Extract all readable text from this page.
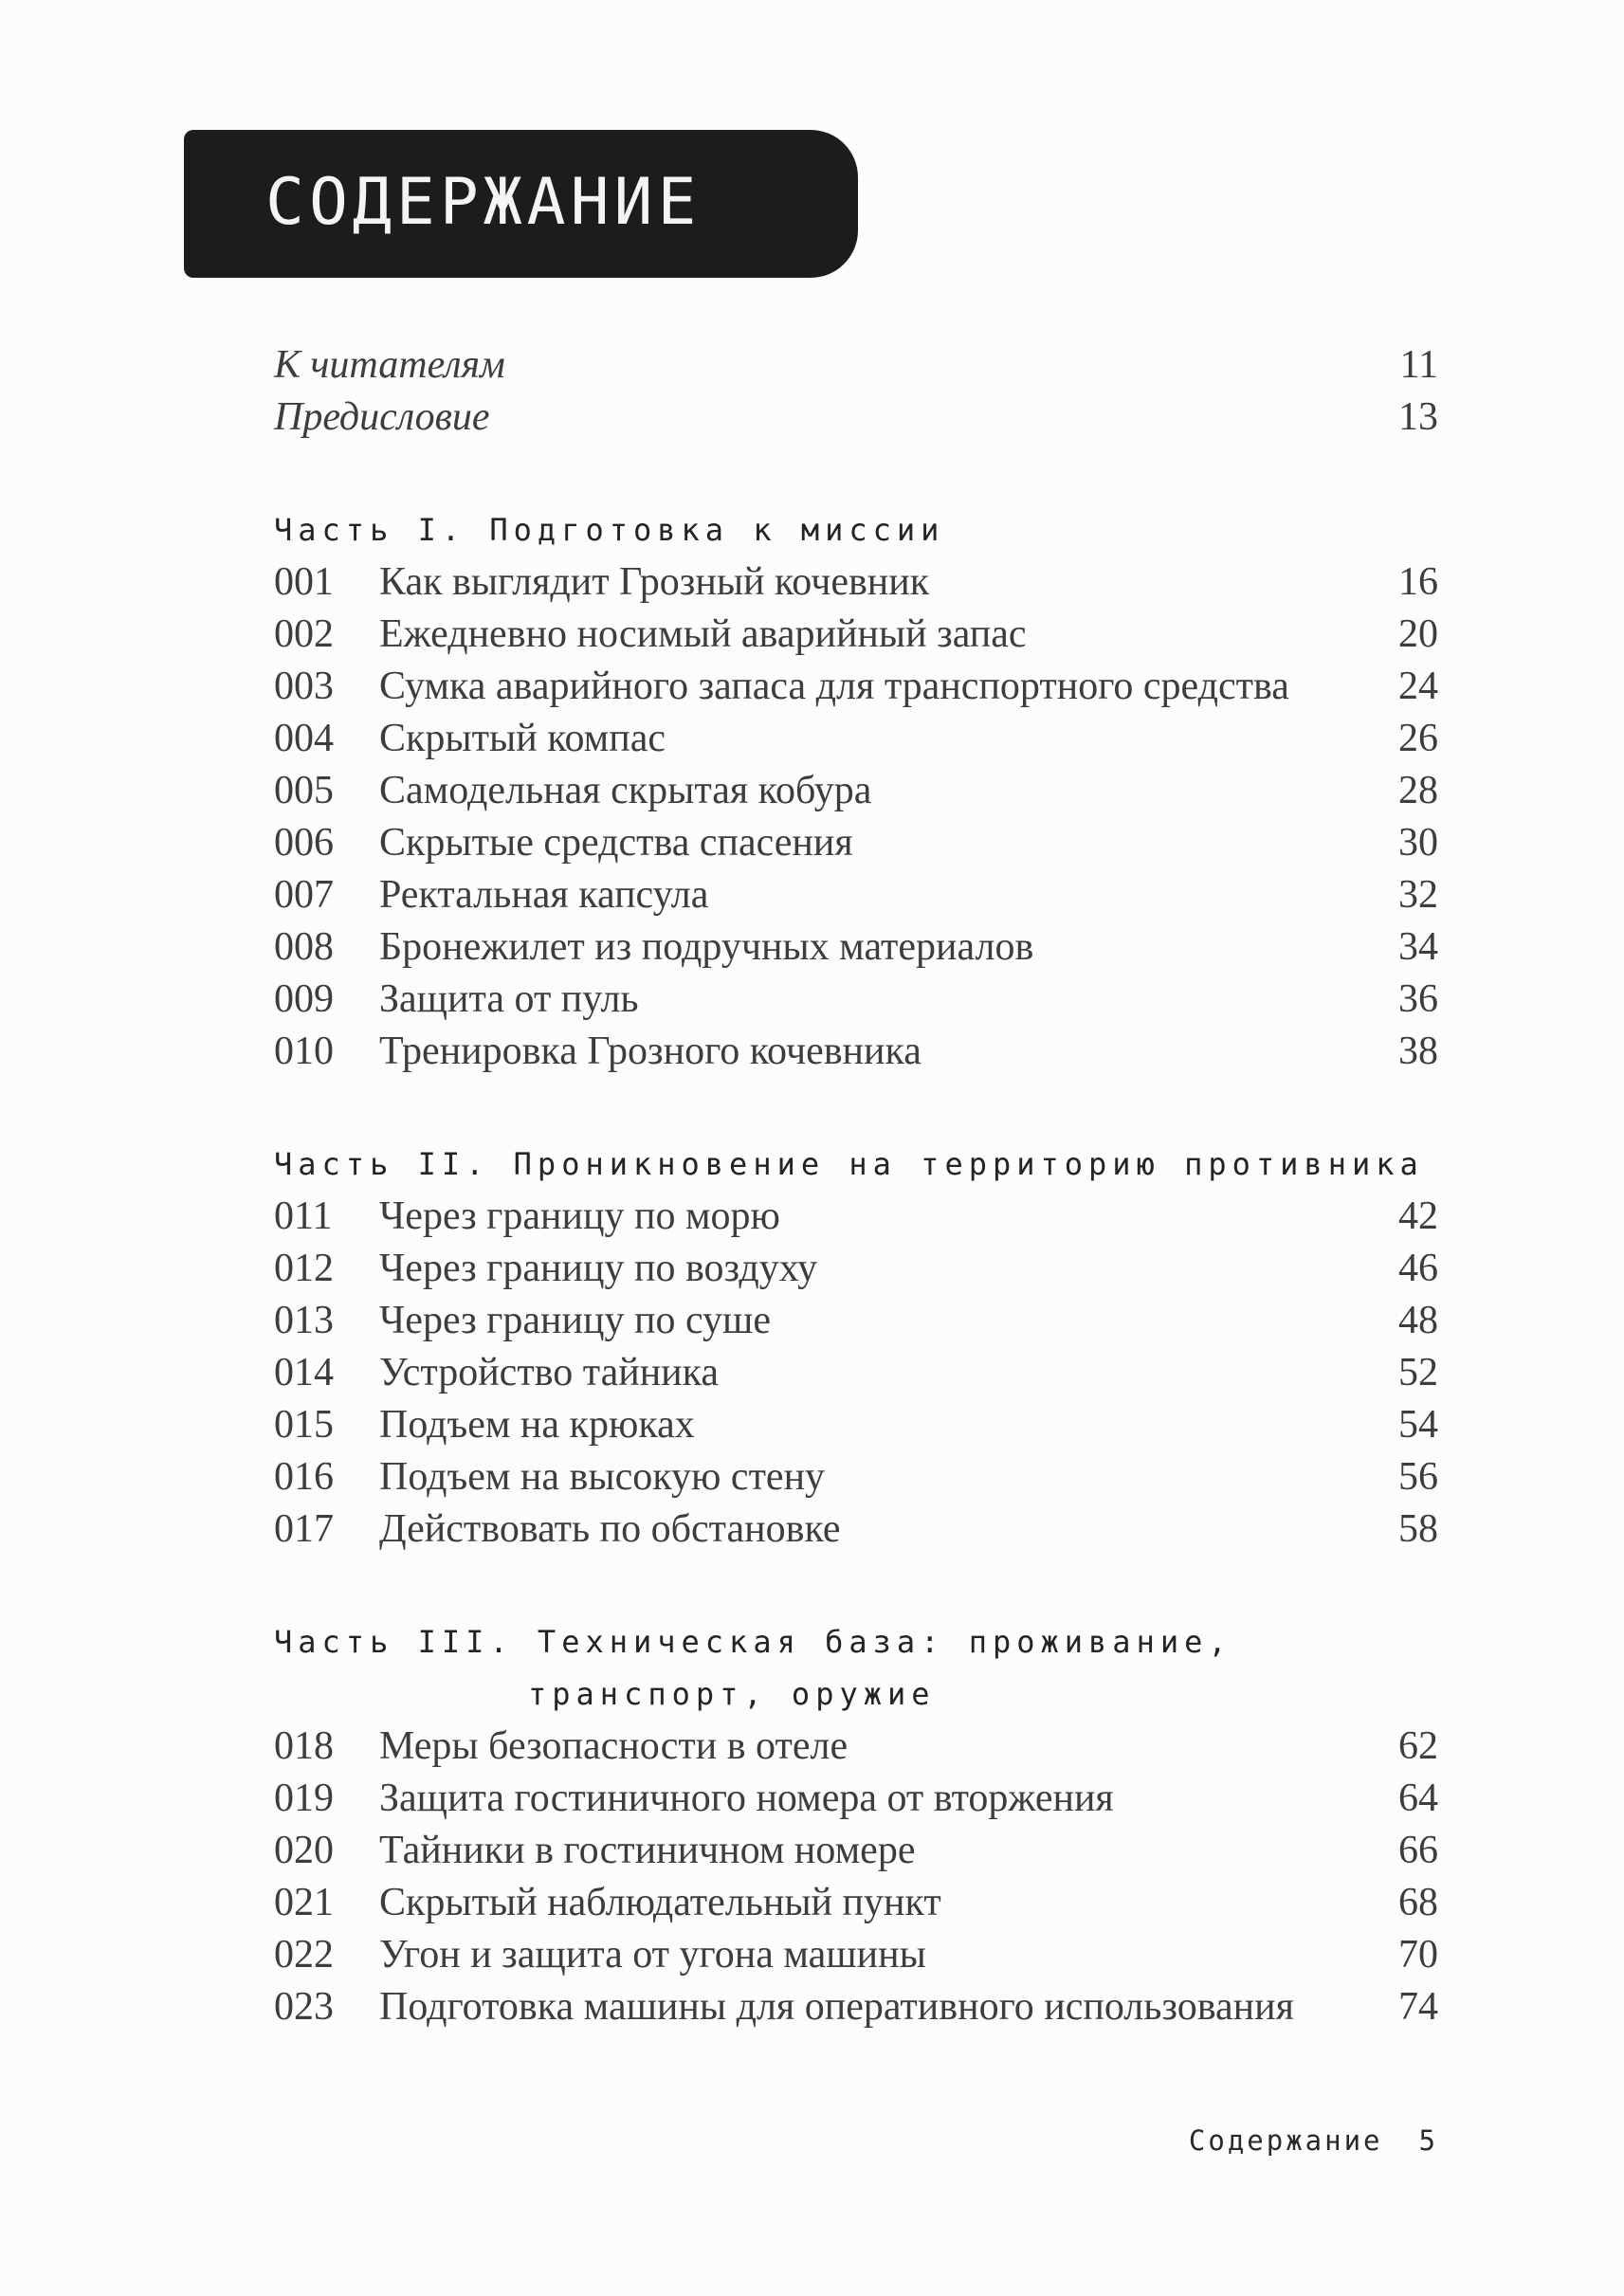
СОДЕРЖАНИЕ
К читателям	11
Предисловие	13
Часть I. Подготовка к миссии
001	Как выглядит Грозный кочевник	16
002	Ежедневно носимый аварийный запас	20
003	Сумка аварийного запаса для транспортного средства	24
004	Скрытый компас	26
005	Самодельная скрытая кобура	28
006	Скрытые средства спасения	30
007	Ректальная капсула	32
008	Бронежилет из подручных материалов	34
009	Защита от пуль	36
010	Тренировка Грозного кочевника	38
Часть II. Проникновение на территорию противника
011	Через границу по морю	42
012	Через границу по воздуху	46
013	Через границу по суше	48
014	Устройство тайника	52
015	Подъем на крюках	54
016	Подъем на высокую стену	56
017	Действовать по обстановке	58
Часть III. Техническая база: проживание,
транспорт, оружие
018	Меры безопасности в отеле	62
019	Защита гостиничного номера от вторжения	64
020	Тайники в гостиничном номере	66
021	Скрытый наблюдательный пункт	68
022	Угон и защита от угона машины	70
023	Подготовка машины для оперативного использования	74
Содержание 5
